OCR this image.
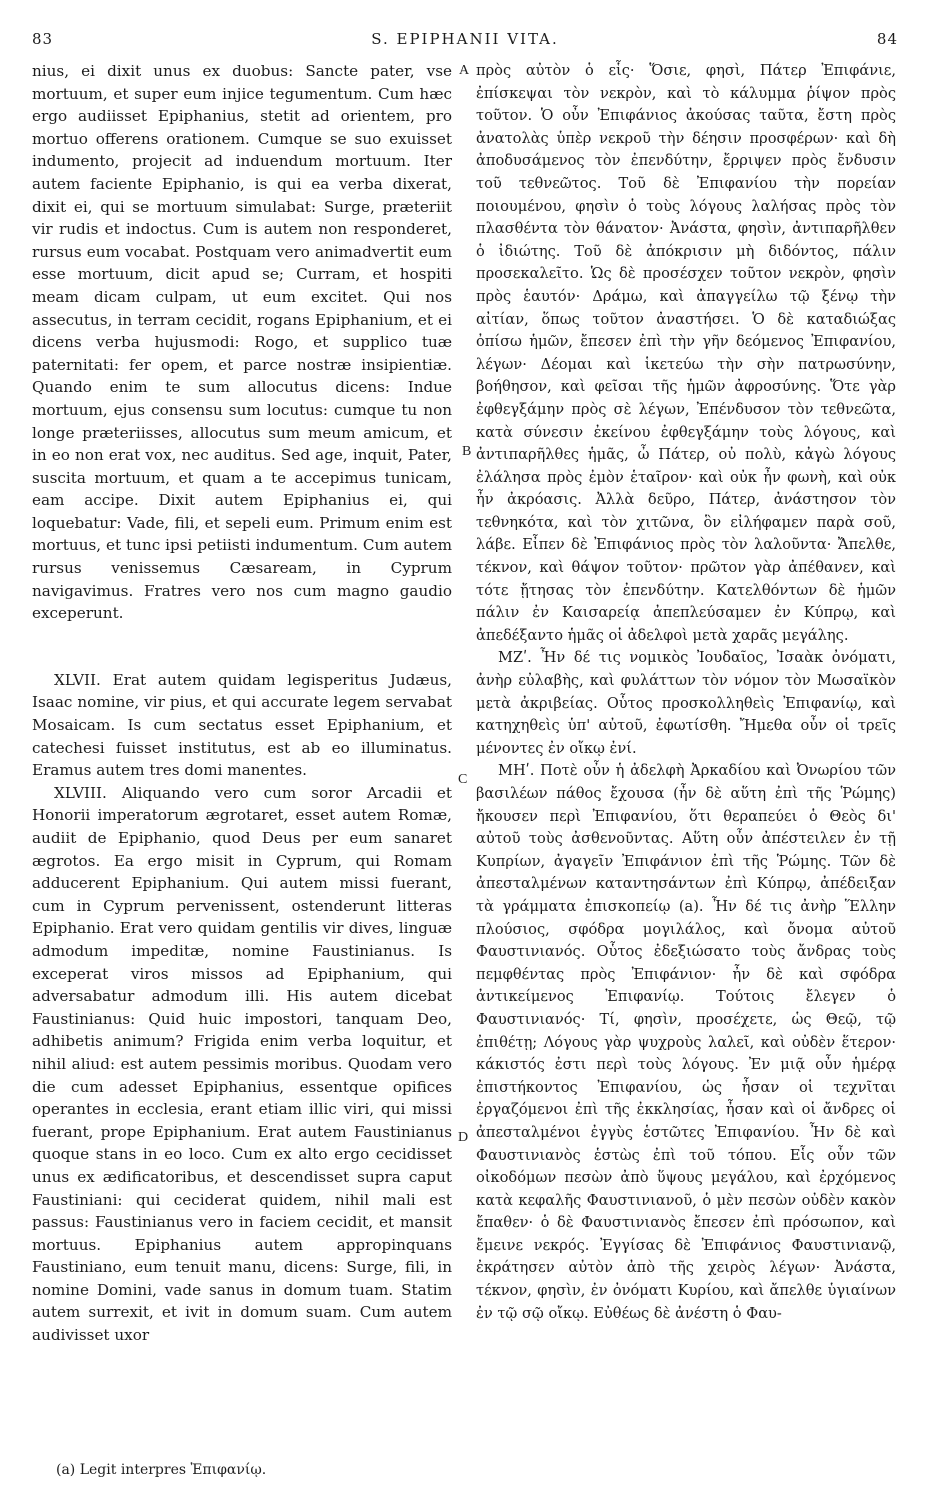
83	S. EPIPHANII VITA.	84

nius, ei dixit unus ex duobus: Sancte pater, vse mortuum, et super eum injice tegumentum. Cum hæc ergo audiisset Epiphanius, stetit ad orientem, pro mortuo offerens orationem. Cumque se suo exuisset indumento, projecit ad induendum mortuum. Iter autem faciente Epiphanio, is qui ea verba dixerat, dixit ei, qui se mortuum simulabat: Surge, præteriit vir rudis et indoctus. Cum is autem non responderet, rursus eum vocabat. Postquam vero animadvertit eum esse mortuum, dicit apud se; Curram, et hospiti meam dicam culpam, ut eum excitet. Qui nos assecutus, in terram cecidit, rogans Epiphanium, et ei dicens verba hujusmodi: Rogo, et supplico tuæ paternitati: fer opem, et parce nostræ insipientiæ. Quando enim te sum allocutus dicens: Indue mortuum, ejus consensu sum locutus: cumque tu non longe præteriisses, allocutus sum meum amicum, et in eo non erat vox, nec auditus. Sed age, inquit, Pater, suscita mortuum, et quam a te accepimus tunicam, eam accipe. Dixit autem Epiphanius ei, qui loquebatur: Vade, fili, et sepeli eum. Primum enim est mortuus, et tunc ipsi petiisti indumentum. Cum autem rursus venissemus Cæsaream, in Cyprum navigavimus. Fratres vero nos cum magno gaudio exceperunt.

XLVII. Erat autem quidam legisperitus Judæus, Isaac nomine, vir pius, et qui accurate legem servabat Mosaicam. Is cum sectatus esset Epiphanium, et catechesi fuisset institutus, est ab eo illuminatus. Eramus autem tres domi manentes.

XLVIII. Aliquando vero cum soror Arcadii et Honorii imperatorum ægrotaret, esset autem Romæ, audiit de Epiphanio, quod Deus per eum sanaret ægrotos. Ea ergo misit in Cyprum, qui Romam adducerent Epiphanium. Qui autem missi fuerant, cum in Cyprum pervenissent, ostenderunt litteras Epiphanio. Erat vero quidam gentilis vir dives, linguæ admodum impeditæ, nomine Faustinianus. Is exceperat viros missos ad Epiphanium, qui adversabatur admodum illi. His autem dicebat Faustinianus: Quid huic impostori, tanquam Deo, adhibetis animum? Frigida enim verba loquitur, et nihil aliud: est autem pessimis moribus. Quodam vero die cum adesset Epiphanius, essentque opifices operantes in ecclesia, erant etiam illic viri, qui missi fuerant, prope Epiphanium. Erat autem Faustinianus quoque stans in eo loco. Cum ex alto ergo cecidisset unus ex ædificatoribus, et descendisset supra caput Faustiniani: qui ceciderat quidem, nihil mali est passus: Faustinianus vero in faciem cecidit, et mansit mortuus. Epiphanius autem appropinquans Faustiniano, eum tenuit manu, dicens: Surge, fili, in nomine Domini, vade sanus in domum tuam. Statim autem surrexit, et ivit in domum suam. Cum autem audivisset uxor

πρὸς αὐτὸν ὁ εἷς· Ὅσιε, φησὶ, Πάτερ Ἐπιφάνιε, ἐπίσκεψαι τὸν νεκρὸν, καὶ τὸ κάλυμμα ῥίψον πρὸς τοῦτον. Ὁ οὖν Ἐπιφάνιος ἀκούσας ταῦτα, ἔστη πρὸς ἀνατολὰς ὑπὲρ νεκροῦ τὴν δέησιν προσφέρων· καὶ δὴ ἀποδυσάμενος τὸν ἐπενδύτην, ἔρριψεν πρὸς ἔνδυσιν τοῦ τεθνεῶτος. Τοῦ δὲ Ἐπιφανίου τὴν πορείαν ποιουμένου, φησὶν ὁ τοὺς λόγους λαλήσας πρὸς τὸν πλασθέντα τὸν θάνατον· Ἀνάστα, φησὶν, ἀντιπαρῆλθεν ὁ ἰδιώτης. Τοῦ δὲ ἀπόκρισιν μὴ διδόντος, πάλιν προσεκαλεῖτο. Ὡς δὲ προσέσχεν τοῦτον νεκρὸν, φησὶν πρὸς ἑαυτόν· Δράμω, καὶ ἀπαγγείλω τῷ ξένῳ τὴν αἰτίαν, ὅπως τοῦτον ἀναστήσει. Ὁ δὲ καταδιώξας ὀπίσω ἡμῶν, ἔπεσεν ἐπὶ τὴν γῆν δεόμενος Ἐπιφανίου, λέγων· Δέομαι καὶ ἱκετεύω τὴν σὴν πατρωσύνην, βοήθησον, καὶ φεῖσαι τῆς ἡμῶν ἀφροσύνης. Ὅτε γὰρ ἐφθεγξάμην πρὸς σὲ λέγων, Ἐπένδυσον τὸν τεθνεῶτα, κατὰ σύνεσιν ἐκείνου ἐφθεγξάμην τοὺς λόγους, καὶ ἀντιπαρῆλθες ἡμᾶς, ὦ Πάτερ, οὐ πολὺ, κἀγὼ λόγους ἐλάλησα πρὸς ἐμὸν ἑταῖρον· καὶ οὐκ ἦν φωνὴ, καὶ οὐκ ἦν ἀκρόασις. Ἀλλὰ δεῦρο, Πάτερ, ἀνάστησον τὸν τεθνηκότα, καὶ τὸν χιτῶνα, ὃν εἰλήφαμεν παρὰ σοῦ, λάβε. Εἶπεν δὲ Ἐπιφάνιος πρὸς τὸν λαλοῦντα· Ἄπελθε, τέκνον, καὶ θάψον τοῦτον· πρῶτον γὰρ ἀπέθανεν, καὶ τότε ᾔτησας τὸν ἐπενδύτην. Κατελθόντων δὲ ἡμῶν πάλιν ἐν Καισαρείᾳ ἀπεπλεύσαμεν ἐν Κύπρῳ, καὶ ἀπεδέξαντο ἡμᾶς οἱ ἀδελφοὶ μετὰ χαρᾶς μεγάλης.

ΜΖʹ. Ἦν δέ τις νομικὸς Ἰουδαῖος, Ἰσαὰκ ὀνόματι, ἀνὴρ εὐλαβὴς, καὶ φυλάττων τὸν νόμον τὸν Μωσαϊκὸν μετὰ ἀκριβείας. Οὗτος προσκολληθεὶς Ἐπιφανίῳ, καὶ κατηχηθεὶς ὑπ' αὐτοῦ, ἐφωτίσθη. Ἤμεθα οὖν οἱ τρεῖς μένοντες ἐν οἴκῳ ἐνί.

ΜΗʹ. Ποτὲ οὖν ἡ ἀδελφὴ Ἀρκαδίου καὶ Ὀνωρίου τῶν βασιλέων πάθος ἔχουσα (ἦν δὲ αὕτη ἐπὶ τῆς Ῥώμης) ἤκουσεν περὶ Ἐπιφανίου, ὅτι θεραπεύει ὁ Θεὸς δι' αὐτοῦ τοὺς ἀσθενοῦντας. Αὕτη οὖν ἀπέστειλεν ἐν τῇ Κυπρίων, ἀγαγεῖν Ἐπιφάνιον ἐπὶ τῆς Ῥώμης. Τῶν δὲ ἀπεσταλμένων καταντησάντων ἐπὶ Κύπρῳ, ἀπέδειξαν τὰ γράμματα ἐπισκοπείῳ (a). Ἦν δέ τις ἀνὴρ Ἕλλην πλούσιος, σφόδρα μογιλάλος, καὶ ὄνομα αὐτοῦ Φαυστινιανός. Οὗτος ἐδεξιώσατο τοὺς ἄνδρας τοὺς πεμφθέντας πρὸς Ἐπιφάνιον· ἦν δὲ καὶ σφόδρα ἀντικείμενος Ἐπιφανίῳ. Τούτοις ἔλεγεν ὁ Φαυστινιανός· Τί, φησὶν, προσέχετε, ὡς Θεῷ, τῷ ἐπιθέτῃ; Λόγους γὰρ ψυχροὺς λαλεῖ, καὶ οὐδὲν ἕτερον· κάκιστός ἐστι περὶ τοὺς λόγους. Ἐν μιᾷ οὖν ἡμέρᾳ ἐπιστήκοντος Ἐπιφανίου, ὡς ἦσαν οἱ τεχνῖται ἐργαζόμενοι ἐπὶ τῆς ἐκκλησίας, ἦσαν καὶ οἱ ἄνδρες οἱ ἀπεσταλμένοι ἐγγὺς ἑστῶτες Ἐπιφανίου. Ἦν δὲ καὶ Φαυστινιανὸς ἑστὼς ἐπὶ τοῦ τόπου. Εἷς οὖν τῶν οἰκοδόμων πεσὼν ἀπὸ ὕψους μεγάλου, καὶ ἐρχόμενος κατὰ κεφαλῆς Φαυστινιανοῦ, ὁ μὲν πεσὼν οὐδὲν κακὸν ἔπαθεν· ὁ δὲ Φαυστινιανὸς ἔπεσεν ἐπὶ πρόσωπον, καὶ ἔμεινε νεκρός. Ἐγγίσας δὲ Ἐπιφάνιος Φαυστινιανῷ, ἐκράτησεν αὐτὸν ἀπὸ τῆς χειρὸς λέγων· Ἀνάστα, τέκνον, φησὶν, ἐν ὀνόματι Κυρίου, καὶ ἄπελθε ὑγιαίνων ἐν τῷ σῷ οἴκῳ. Εὐθέως δὲ ἀνέστη ὁ Φαυ-

A
B
C
D
(a) Legit interpres Ἐπιφανίῳ.
